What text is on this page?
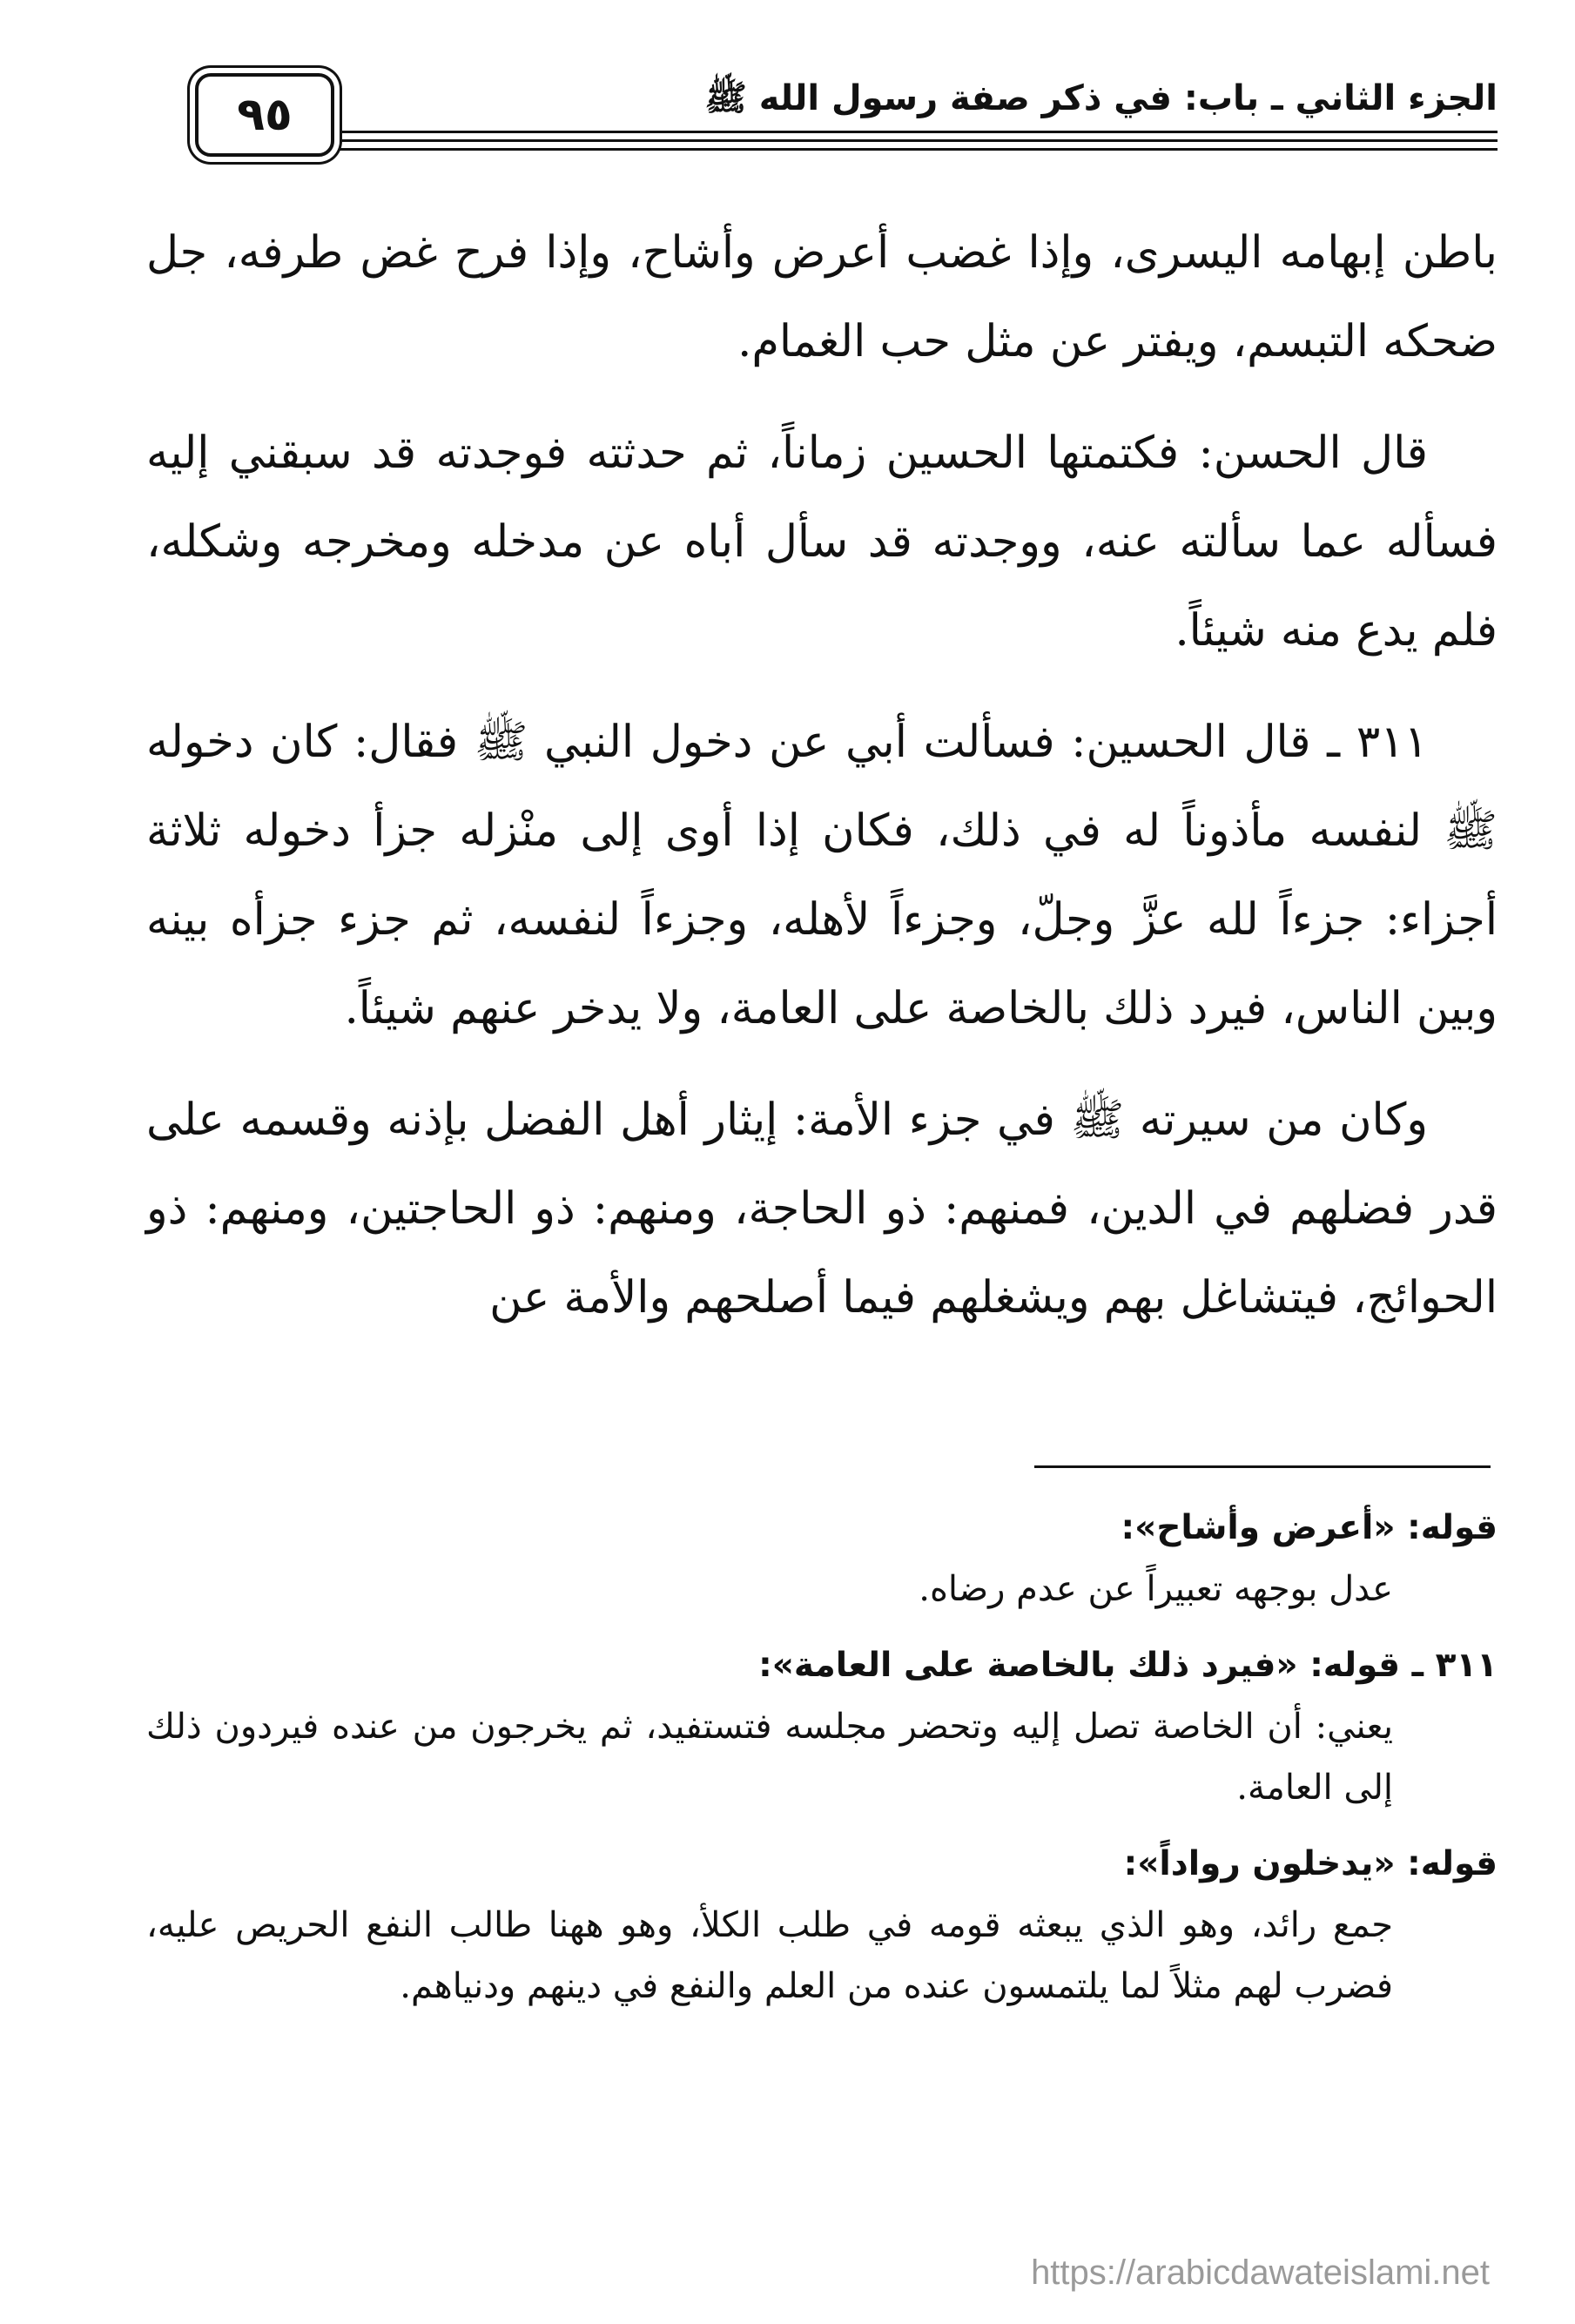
الجزء الثاني ـ باب: في ذكر صفة رسول الله ﷺ
٩٥

باطن إبهامه اليسرى، وإذا غضب أعرض وأشاح، وإذا فرح غض طرفه، جل ضحكه التبسم، ويفتر عن مثل حب الغمام.

قال الحسن: فكتمتها الحسين زماناً، ثم حدثته فوجدته قد سبقني إليه فسأله عما سألته عنه، ووجدته قد سأل أباه عن مدخله ومخرجه وشكله، فلم يدع منه شيئاً.

٣١١ ـ قال الحسين: فسألت أبي عن دخول النبي ﷺ فقال: كان دخوله ﷺ لنفسه مأذوناً له في ذلك، فكان إذا أوى إلى منْزله جزأ دخوله ثلاثة أجزاء: جزءاً لله عزَّ وجلّ، وجزءاً لأهله، وجزءاً لنفسه، ثم جزء جزأه بينه وبين الناس، فيرد ذلك بالخاصة على العامة، ولا يدخر عنهم شيئاً.

وكان من سيرته ﷺ في جزء الأمة: إيثار أهل الفضل بإذنه وقسمه على قدر فضلهم في الدين، فمنهم: ذو الحاجة، ومنهم: ذو الحاجتين، ومنهم: ذو الحوائج، فيتشاغل بهم ويشغلهم فيما أصلحهم والأمة عن

قوله: «أعرض وأشاح»:
عدل بوجهه تعبيراً عن عدم رضاه.
٣١١ ـ قوله: «فيرد ذلك بالخاصة على العامة»:
يعني: أن الخاصة تصل إليه وتحضر مجلسه فتستفيد، ثم يخرجون من عنده فيردون ذلك إلى العامة.
قوله: «يدخلون رواداً»:
جمع رائد، وهو الذي يبعثه قومه في طلب الكلأ، وهو ههنا طالب النفع الحريص عليه، فضرب لهم مثلاً لما يلتمسون عنده من العلم والنفع في دينهم ودنياهم.
https://arabicdawateislami.net
